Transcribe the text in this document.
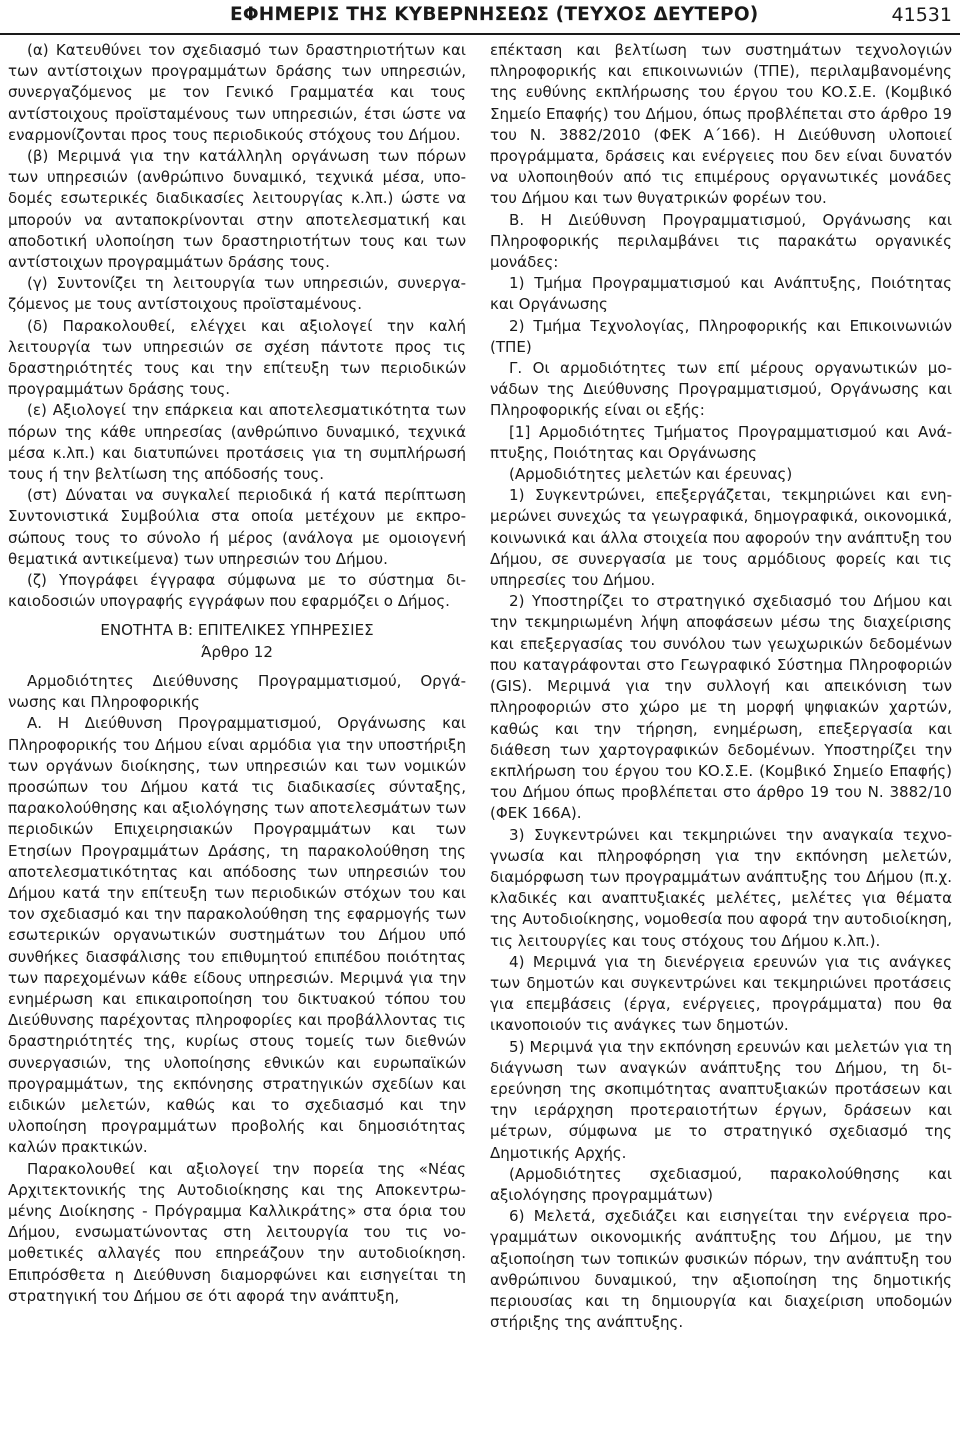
ΕΦΗΜΕΡΙΣ ΤΗΣ ΚΥΒΕΡΝΗΣΕΩΣ (ΤΕΥΧΟΣ ΔΕΥΤΕΡΟ)	41531

(α) Κατευθύνει τον σχεδιασμό των δραστηριοτήτων και των αντίστοιχων προγραμμάτων δράσης των υπηρεσιών, συνεργαζόμενος με τον Γενικό Γραμματέα και τους αντίστοιχους προϊσταμένους των υπηρεσιών, έτσι ώστε να εναρμονίζονται προς τους περιοδικούς στόχους του Δήμου.

(β) Μεριμνά για την κατάλληλη οργάνωση των πόρων των υπηρεσιών (ανθρώπινο δυναμικό, τεχνικά μέσα, υποδομές εσωτερικές διαδικασίες λειτουργίας κ.λπ.) ώστε να μπορούν να ανταποκρίνονται στην αποτελεσματική και αποδοτική υλοποίηση των δραστηριοτήτων τους και των αντίστοιχων προγραμμάτων δράσης τους.

(γ) Συντονίζει τη λειτουργία των υπηρεσιών, συνεργαζόμενος με τους αντίστοιχους προϊσταμένους.

(δ) Παρακολουθεί, ελέγχει και αξιολογεί την καλή λειτουργία των υπηρεσιών σε σχέση πάντοτε προς τις δραστηριότητές τους και την επίτευξη των περιοδικών προγραμμάτων δράσης τους.

(ε) Αξιολογεί την επάρκεια και αποτελεσματικότητα των πόρων της κάθε υπηρεσίας (ανθρώπινο δυναμικό, τεχνικά μέσα κ.λπ.) και διατυπώνει προτάσεις για τη συμπλήρωσή τους ή την βελτίωση της απόδοσής τους.

(στ) Δύναται να συγκαλεί περιοδικά ή κατά περίπτωση Συντονιστικά Συμβούλια στα οποία μετέχουν με εκπροσώπους τους το σύνολο ή μέρος (ανάλογα με ομοιογενή θεματικά αντικείμενα) των υπηρεσιών του Δήμου.

(ζ) Υπογράφει έγγραφα σύμφωνα με το σύστημα δικαιοδοσιών υπογραφής εγγράφων που εφαρμόζει ο Δήμος.

ΕΝΟΤΗΤΑ Β: ΕΠΙΤΕΛΙΚΕΣ ΥΠΗΡΕΣΙΕΣ

Άρθρο 12

Αρμοδιότητες Διεύθυνσης Προγραμματισμού, Οργάνωσης και Πληροφορικής

Α. Η Διεύθυνση Προγραμματισμού, Οργάνωσης και Πληροφορικής του Δήμου είναι αρμόδια για την υποστήριξη των οργάνων διοίκησης, των υπηρεσιών και των νομικών προσώπων του Δήμου κατά τις διαδικασίες σύνταξης, παρακολούθησης και αξιολόγησης των αποτελεσμάτων των περιοδικών Επιχειρησιακών Προγραμμάτων και των Ετησίων Προγραμμάτων Δράσης, τη παρακολούθηση της αποτελεσματικότητας και απόδοσης των υπηρεσιών του Δήμου κατά την επίτευξη των περιοδικών στόχων του και τον σχεδιασμό και την παρακολούθηση της εφαρμογής των εσωτερικών οργανωτικών συστημάτων του Δήμου υπό συνθήκες διασφάλισης του επιθυμητού επιπέδου ποιότητας των παρεχομένων κάθε είδους υπηρεσιών. Μεριμνά για την ενημέρωση και επικαιροποίηση του δικτυακού τόπου του Διεύθυνσης παρέχοντας πληροφορίες και προβάλλοντας τις δραστηριότητές της, κυρίως στους τομείς των διεθνών συνεργασιών, της υλοποίησης εθνικών και ευρωπαϊκών προγραμμάτων, της εκπόνησης στρατηγικών σχεδίων και ειδικών μελετών, καθώς και το σχεδιασμό και την υλοποίηση προγραμμάτων προβολής και δημοσιότητας καλών πρακτικών.

Παρακολουθεί και αξιολογεί την πορεία της «Νέας Αρχιτεκτονικής της Αυτοδιοίκησης και της Αποκεντρωμένης Διοίκησης - Πρόγραμμα Καλλικράτης» στα όρια του Δήμου, ενσωματώνοντας στη λειτουργία του τις νομοθετικές αλλαγές που επηρεάζουν την αυτοδιοίκηση. Επιπρόσθετα η Διεύθυνση διαμορφώνει και εισηγείται τη στρατηγική του Δήμου σε ότι αφορά την ανάπτυξη,

επέκταση και βελτίωση των συστημάτων τεχνολογιών πληροφορικής και επικοινωνιών (ΤΠΕ), περιλαμβανομένης της ευθύνης εκπλήρωσης του έργου του ΚΟ.Σ.Ε. (Κομβικό Σημείο Επαφής) του Δήμου, όπως προβλέπεται στο άρθρο 19 του Ν. 3882/2010 (ΦΕΚ Α΄166). Η Διεύθυνση υλοποιεί προγράμματα, δράσεις και ενέργειες που δεν είναι δυνατόν να υλοποιηθούν από τις επιμέρους οργανωτικές μονάδες του Δήμου και των θυγατρικών φορέων του.

Β. Η Διεύθυνση Προγραμματισμού, Οργάνωσης και Πληροφορικής περιλαμβάνει τις παρακάτω οργανικές μονάδες:

1) Τμήμα Προγραμματισμού και Ανάπτυξης, Ποιότητας και Οργάνωσης

2) Τμήμα Τεχνολογίας, Πληροφορικής και Επικοινωνιών (ΤΠΕ)

Γ. Οι αρμοδιότητες των επί μέρους οργανωτικών μονάδων της Διεύθυνσης Προγραμματισμού, Οργάνωσης και Πληροφορικής είναι οι εξής:

[1] Αρμοδιότητες Τμήματος Προγραμματισμού και Ανάπτυξης, Ποιότητας και Οργάνωσης

(Αρμοδιότητες μελετών και έρευνας)

1) Συγκεντρώνει, επεξεργάζεται, τεκμηριώνει και ενημερώνει συνεχώς τα γεωγραφικά, δημογραφικά, οικονομικά, κοινωνικά και άλλα στοιχεία που αφορούν την ανάπτυξη του Δήμου, σε συνεργασία με τους αρμόδιους φορείς και τις υπηρεσίες του Δήμου.

2) Υποστηρίζει το στρατηγικό σχεδιασμό του Δήμου και την τεκμηριωμένη λήψη αποφάσεων μέσω της διαχείρισης και επεξεργασίας του συνόλου των γεωχωρικών δεδομένων που καταγράφονται στο Γεωγραφικό Σύστημα Πληροφοριών (GIS). Μεριμνά για την συλλογή και απεικόνιση των πληροφοριών στο χώρο με τη μορφή ψηφιακών χαρτών, καθώς και την τήρηση, ενημέρωση, επεξεργασία και διάθεση των χαρτογραφικών δεδομένων. Υποστηρίζει την εκπλήρωση του έργου του ΚΟ.Σ.Ε. (Κομβικό Σημείο Επαφής) του Δήμου όπως προβλέπεται στο άρθρο 19 του Ν. 3882/10 (ΦΕΚ 166Α).

3) Συγκεντρώνει και τεκμηριώνει την αναγκαία τεχνογνωσία και πληροφόρηση για την εκπόνηση μελετών, διαμόρφωση των προγραμμάτων ανάπτυξης του Δήμου (π.χ. κλαδικές και αναπτυξιακές μελέτες, μελέτες για θέματα της Αυτοδιοίκησης, νομοθεσία που αφορά την αυτοδιοίκηση, τις λειτουργίες και τους στόχους του Δήμου κ.λπ.).

4) Μεριμνά για τη διενέργεια ερευνών για τις ανάγκες των δημοτών και συγκεντρώνει και τεκμηριώνει προτάσεις για επεμβάσεις (έργα, ενέργειες, προγράμματα) που θα ικανοποιούν τις ανάγκες των δημοτών.

5) Μεριμνά για την εκπόνηση ερευνών και μελετών για τη διάγνωση των αναγκών ανάπτυξης του Δήμου, τη διερεύνηση της σκοπιμότητας αναπτυξιακών προτάσεων και την ιεράρχηση προτεραιοτήτων έργων, δράσεων και μέτρων, σύμφωνα με το στρατηγικό σχεδιασμό της Δημοτικής Αρχής.

(Αρμοδιότητες σχεδιασμού, παρακολούθησης και αξιολόγησης προγραμμάτων)

6) Μελετά, σχεδιάζει και εισηγείται την ενέργεια προγραμμάτων οικονομικής ανάπτυξης του Δήμου, με την αξιοποίηση των τοπικών φυσικών πόρων, την ανάπτυξη του ανθρώπινου δυναμικού, την αξιοποίηση της δημοτικής περιουσίας και τη δημιουργία και διαχείριση υποδομών στήριξης της ανάπτυξης.
